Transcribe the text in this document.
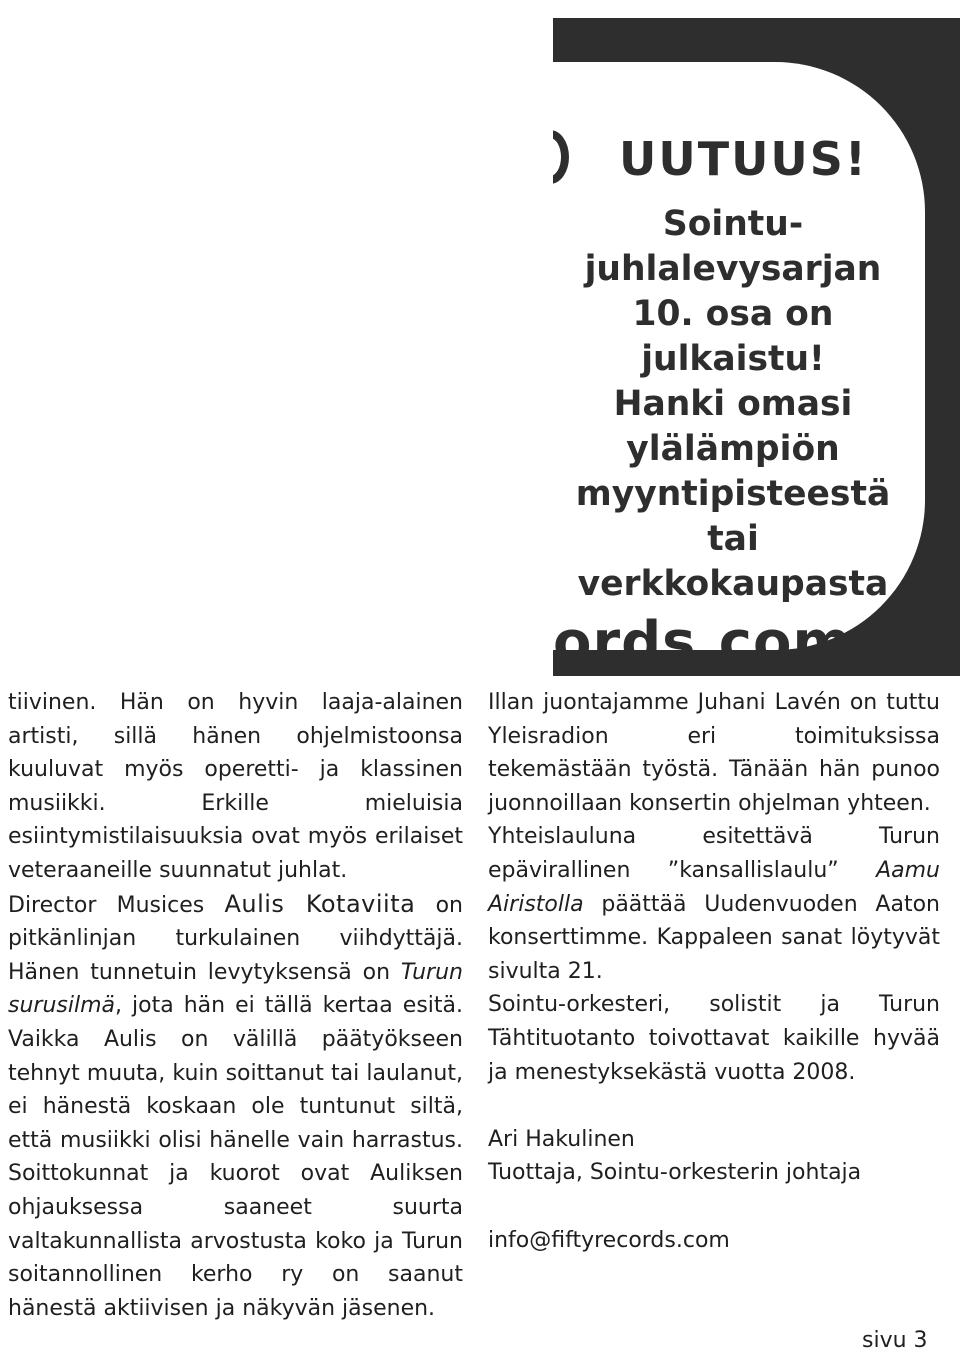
UUTUUS!
Sointu-
juhlalevysarjan
10. osa on
julkaistu!
Hanki omasi
ylälämpiön
myyntipisteestä
tai
verkkokaupasta
ords.com

tiivinen. Hän on hyvin laaja-alainen artisti, sillä hänen ohjelmistoonsa kuuluvat myös operetti- ja klassinen musiikki. Erkille mieluisia esiintymistilaisuuksia ovat myös erilaiset veteraaneille suunnatut juhlat.

Director Musices Aulis Kotaviita on pitkänlinjan turkulainen viihdyttäjä. Hänen tunnetuin levytyksensä on Turun surusilmä, jota hän ei tällä kertaa esitä. Vaikka Aulis on välillä päätyökseen tehnyt muuta, kuin soittanut tai laulanut, ei hänestä koskaan ole tuntunut siltä, että musiikki olisi hänelle vain harrastus. Soittokunnat ja kuorot ovat Auliksen ohjauksessa saaneet suurta valtakunnallista arvostusta koko ja Turun soitannollinen kerho ry on saanut hänestä aktiivisen ja näkyvän jäsenen.

Illan juontajamme Juhani Lavén on tuttu Yleisradion eri toimituksissa tekemästään työstä. Tänään hän punoo juonnoillaan konsertin ohjelman yhteen.

Yhteislauluna esitettävä Turun epävirallinen ”kansallislaulu” Aamu Airistolla päättää Uudenvuoden Aaton konserttimme. Kappaleen sanat löytyvät sivulta 21.

Sointu-orkesteri, solistit ja Turun Tähtituotanto toivottavat kaikille hyvää ja menestyksekästä vuotta 2008.

Ari Hakulinen

Tuottaja, Sointu-orkesterin johtaja

info@fiftyrecords.com

sivu 3
